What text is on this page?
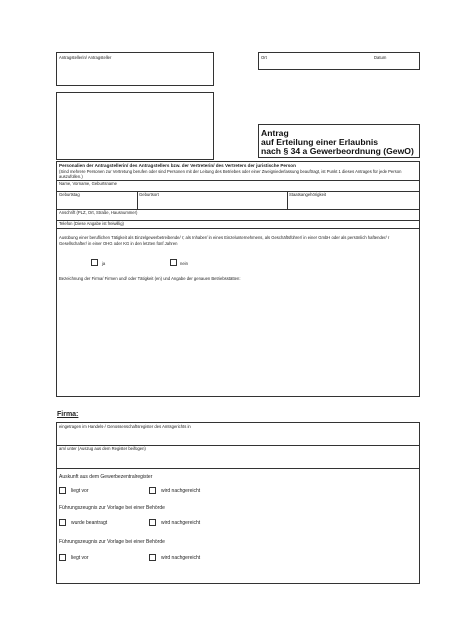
Antragstellerin/ Antragsteller	Ort	Datum
Antrag
auf Erteilung einer Erlaubnis
nach § 34 a Gewerbeordnung (GewO)
Personalien der Antragstellerin/ des Antragstellers bzw. der Vertreterin/ des Vertreters der juristische Person
(Sind mehrere Personen zur Vertretung berufen oder sind Personen mit der Leitung des Betriebes oder einer Zweigniederlassung beauftragt, ist Punkt 1 dieses Antrages für jede Person auszufüllen.)
Name, Vorname, Geburtsname
Geburtstag	Geburtsort	Staatsangehörigkeit
Anschrift (PLZ, Ort, Straße, Hausnummer)
Telefon (Diese Angabe ist freiwillig)
Ausübung einer beruflichen Tätigkeit als Einzelgewerbetreibende/ r; als Inhaber/ in eines Einzelunternehmens, als Geschäftsführer/ in einer GmbH oder als persönlich haftender/ r Gesellschafter/ in einer OHG oder KG in den letzten fünf Jahren
ja	nein
Bezeichnung der Firma/ Firmen und/ oder Tätigkeit (en) und Angabe der genauen Betriebsstätten:
Firma:
eingetragen im Handels-/ Genossenschaftsregister des Amtsgerichts in
am/ unter (Auszug aus dem Register beifügen)
Auskunft aus dem Gewerbezentralregister
liegt vor	wird nachgereicht
Führungszeugnis zur Vorlage bei einer Behörde
wurde beantragt	wird nachgereicht
Führungszeugnis zur Vorlage bei einer Behörde
liegt vor	wird nachgereicht
